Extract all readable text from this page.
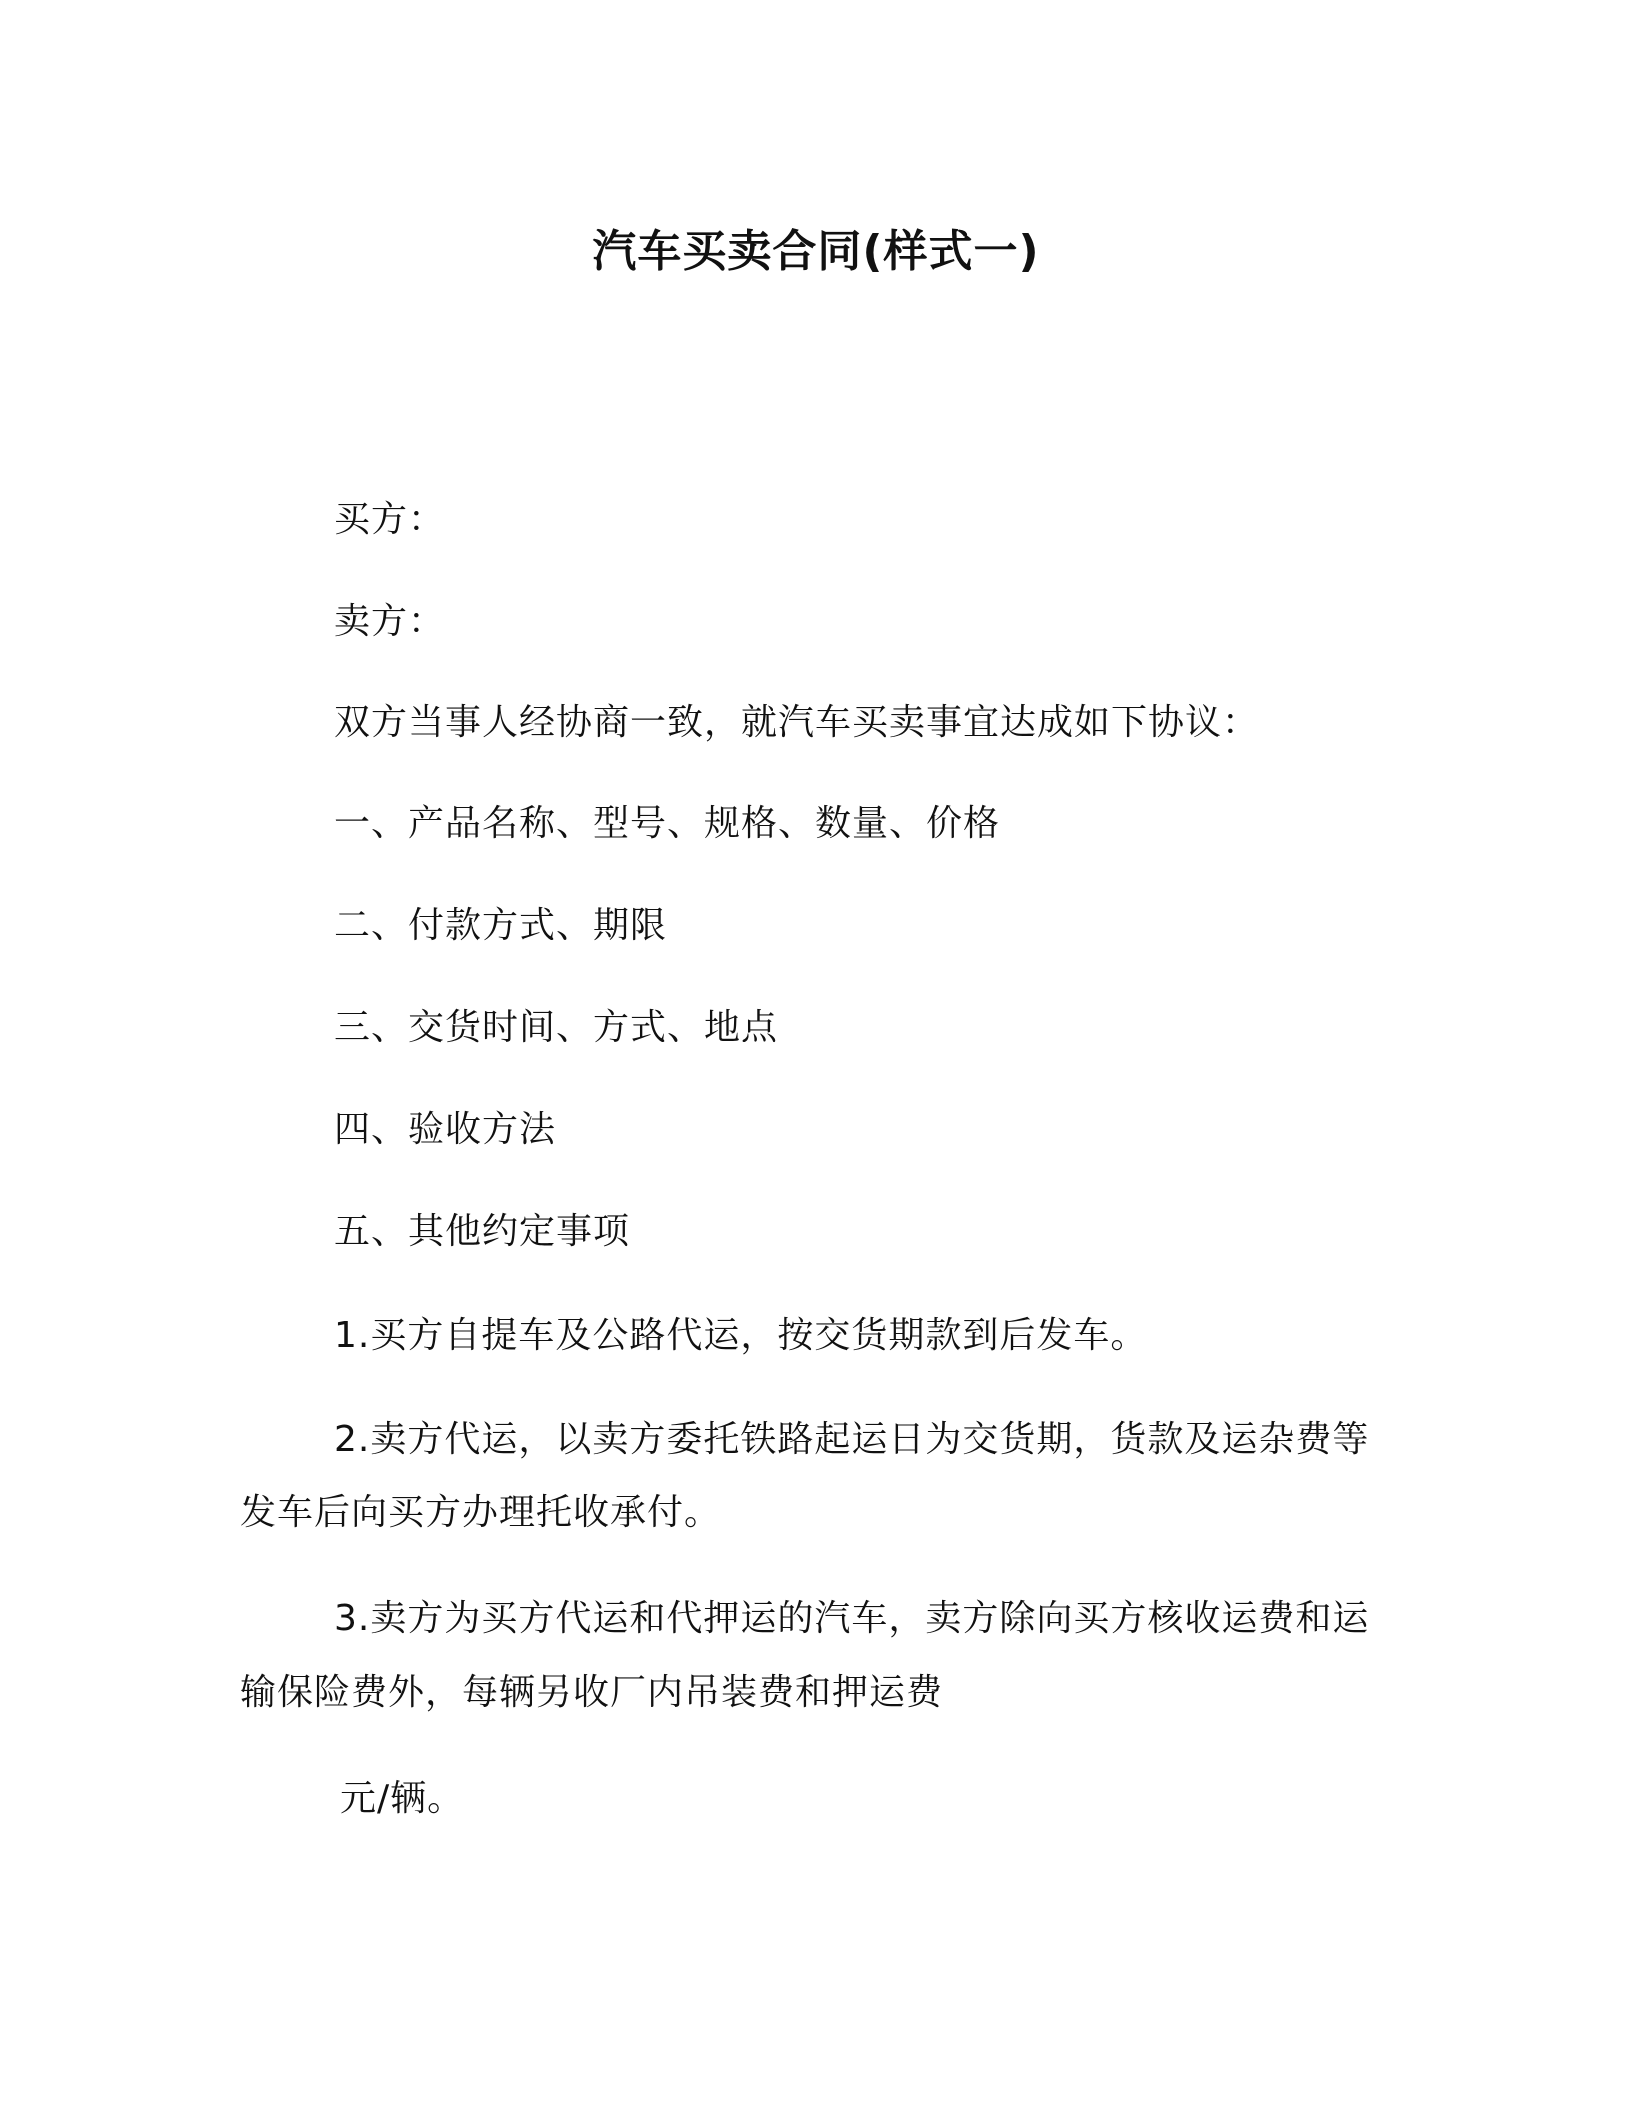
汽车买卖合同(样式一)
买方：
卖方：
双方当事人经协商一致，就汽车买卖事宜达成如下协议：
一、产品名称、型号、规格、数量、价格
二、付款方式、期限
三、交货时间、方式、地点
四、验收方法
五、其他约定事项
1.买方自提车及公路代运，按交货期款到后发车。
2.卖方代运，以卖方委托铁路起运日为交货期，货款及运杂费等
发车后向买方办理托收承付。
3.卖方为买方代运和代押运的汽车，卖方除向买方核收运费和运
输保险费外，每辆另收厂内吊装费和押运费
元/辆。
